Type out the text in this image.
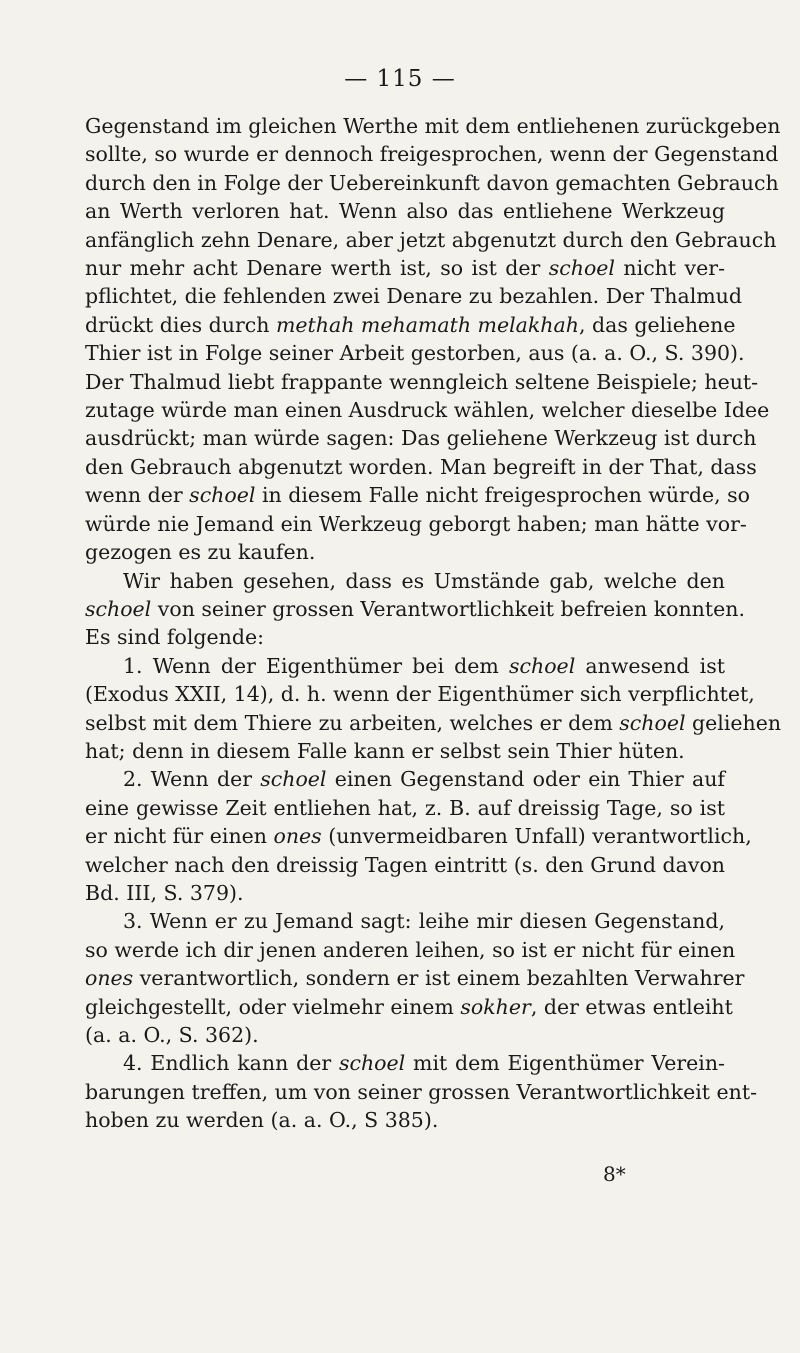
— 115 —
Gegenstand im gleichen Werthe mit dem entliehenen zurückgeben
sollte, so wurde er dennoch freigesprochen, wenn der Gegenstand
durch den in Folge der Uebereinkunft davon gemachten Gebrauch
an Werth verloren hat. Wenn also das entliehene Werkzeug
anfänglich zehn Denare, aber jetzt abgenutzt durch den Gebrauch
nur mehr acht Denare werth ist, so ist der schoel nicht ver-
pflichtet, die fehlenden zwei Denare zu bezahlen. Der Thalmud
drückt dies durch methah mehamath melakhah, das geliehene
Thier ist in Folge seiner Arbeit gestorben, aus (a. a. O., S. 390).
Der Thalmud liebt frappante wenngleich seltene Beispiele; heut-
zutage würde man einen Ausdruck wählen, welcher dieselbe Idee
ausdrückt; man würde sagen: Das geliehene Werkzeug ist durch
den Gebrauch abgenutzt worden. Man begreift in der That, dass
wenn der schoel in diesem Falle nicht freigesprochen würde, so
würde nie Jemand ein Werkzeug geborgt haben; man hätte vor-
gezogen es zu kaufen.
Wir haben gesehen, dass es Umstände gab, welche den
schoel von seiner grossen Verantwortlichkeit befreien konnten.
Es sind folgende:
1. Wenn der Eigenthümer bei dem schoel anwesend ist
(Exodus XXII, 14), d. h. wenn der Eigenthümer sich verpflichtet,
selbst mit dem Thiere zu arbeiten, welches er dem schoel geliehen
hat; denn in diesem Falle kann er selbst sein Thier hüten.
2. Wenn der schoel einen Gegenstand oder ein Thier auf
eine gewisse Zeit entliehen hat, z. B. auf dreissig Tage, so ist
er nicht für einen ones (unvermeidbaren Unfall) verantwortlich,
welcher nach den dreissig Tagen eintritt (s. den Grund davon
Bd. III, S. 379).
3. Wenn er zu Jemand sagt: leihe mir diesen Gegenstand,
so werde ich dir jenen anderen leihen, so ist er nicht für einen
ones verantwortlich, sondern er ist einem bezahlten Verwahrer
gleichgestellt, oder vielmehr einem sokher, der etwas entleiht
(a. a. O., S. 362).
4. Endlich kann der schoel mit dem Eigenthümer Verein-
barungen treffen, um von seiner grossen Verantwortlichkeit ent-
hoben zu werden (a. a. O., S 385).
8*
